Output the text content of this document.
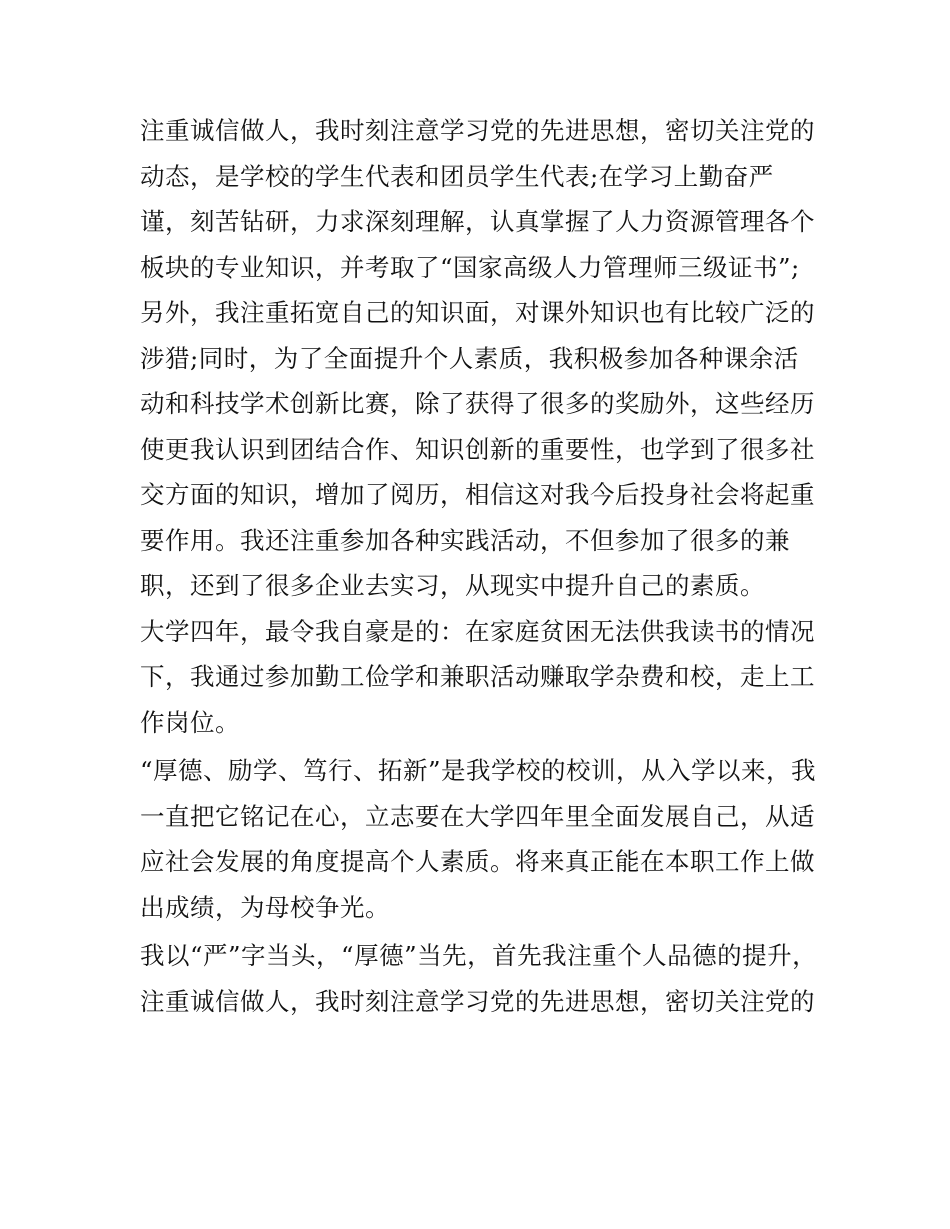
注重诚信做人，我时刻注意学习党的先进思想，密切关注党的
动态，是学校的学生代表和团员学生代表;在学习上勤奋严
谨，刻苦钻研，力求深刻理解，认真掌握了人力资源管理各个
板块的专业知识，并考取了“国家高级人力管理师三级证书”;
另外，我注重拓宽自己的知识面，对课外知识也有比较广泛的
涉猎;同时，为了全面提升个人素质，我积极参加各种课余活
动和科技学术创新比赛，除了获得了很多的奖励外，这些经历
使更我认识到团结合作、知识创新的重要性，也学到了很多社
交方面的知识，增加了阅历，相信这对我今后投身社会将起重
要作用。我还注重参加各种实践活动，不但参加了很多的兼
职，还到了很多企业去实习，从现实中提升自己的素质。
大学四年，最令我自豪是的：在家庭贫困无法供我读书的情况
下，我通过参加勤工俭学和兼职活动赚取学杂费和校，走上工
作岗位。
“厚德、励学、笃行、拓新”是我学校的校训，从入学以来，我
一直把它铭记在心，立志要在大学四年里全面发展自己，从适
应社会发展的角度提高个人素质。将来真正能在本职工作上做
出成绩，为母校争光。
我以“严”字当头，“厚德”当先，首先我注重个人品德的提升，
注重诚信做人，我时刻注意学习党的先进思想，密切关注党的
